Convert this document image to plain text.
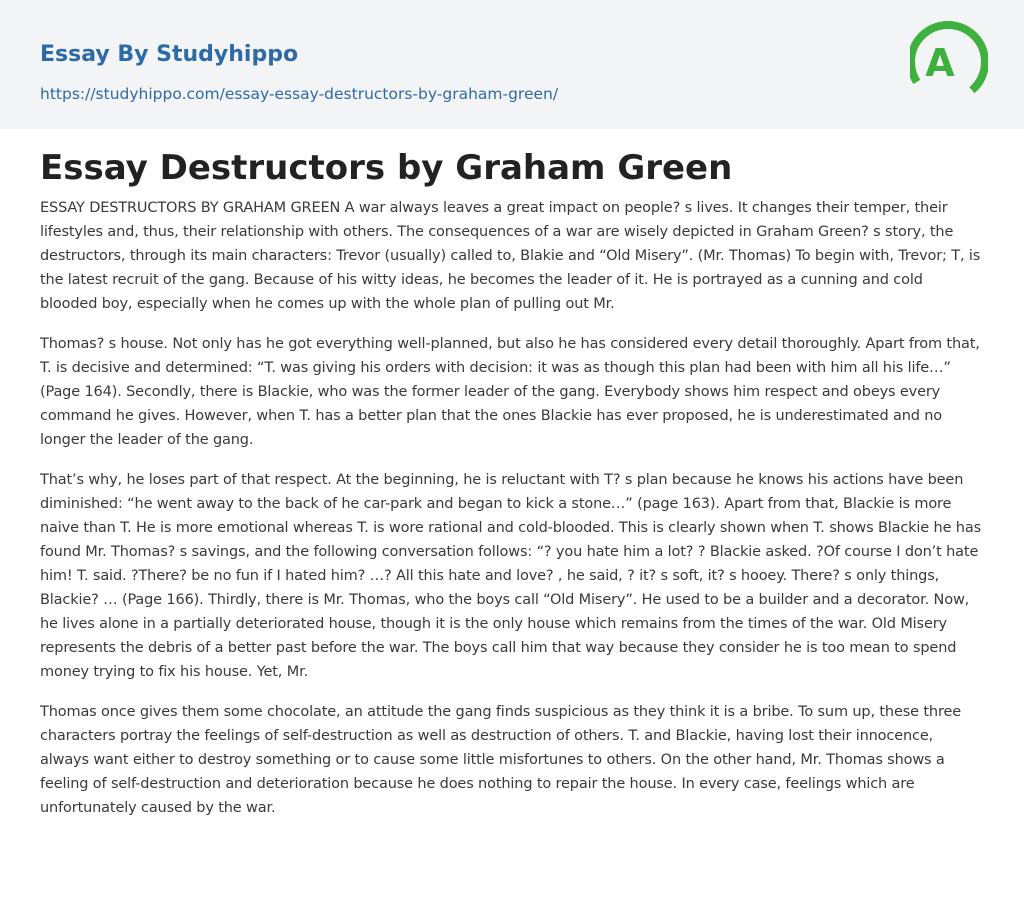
Essay By Studyhippo
https://studyhippo.com/essay-essay-destructors-by-graham-green/
A
Essay Destructors by Graham Green

ESSAY DESTRUCTORS BY GRAHAM GREEN A war always leaves a great impact on people? s lives. It changes their temper, their lifestyles and, thus, their relationship with others. The consequences of a war are wisely depicted in Graham Green? s story, the destructors, through its main characters: Trevor (usually) called to, Blakie and “Old Misery”. (Mr. Thomas) To begin with, Trevor; T, is the latest recruit of the gang. Because of his witty ideas, he becomes the leader of it. He is portrayed as a cunning and cold blooded boy, especially when he comes up with the whole plan of pulling out Mr.

Thomas? s house. Not only has he got everything well-planned, but also he has considered every detail thoroughly. Apart from that, T. is decisive and determined: “T. was giving his orders with decision: it was as though this plan had been with him all his life…” (Page 164). Secondly, there is Blackie, who was the former leader of the gang. Everybody shows him respect and obeys every command he gives. However, when T. has a better plan that the ones Blackie has ever proposed, he is underestimated and no longer the leader of the gang.

That’s why, he loses part of that respect. At the beginning, he is reluctant with T? s plan because he knows his actions have been diminished: “he went away to the back of he car-park and began to kick a stone…” (page 163). Apart from that, Blackie is more naive than T. He is more emotional whereas T. is wore rational and cold-blooded. This is clearly shown when T. shows Blackie he has found Mr. Thomas? s savings, and the following conversation follows: “? you hate him a lot? ? Blackie asked. ?Of course I don’t hate him! T. said. ?There? be no fun if I hated him? …? All this hate and love? , he said, ? it? s soft, it? s hooey. There? s only things, Blackie? … (Page 166). Thirdly, there is Mr. Thomas, who the boys call “Old Misery”. He used to be a builder and a decorator. Now, he lives alone in a partially deteriorated house, though it is the only house which remains from the times of the war. Old Misery represents the debris of a better past before the war. The boys call him that way because they consider he is too mean to spend money trying to fix his house. Yet, Mr.

Thomas once gives them some chocolate, an attitude the gang finds suspicious as they think it is a bribe. To sum up, these three characters portray the feelings of self-destruction as well as destruction of others. T. and Blackie, having lost their innocence, always want either to destroy something or to cause some little misfortunes to others. On the other hand, Mr. Thomas shows a feeling of self-destruction and deterioration because he does nothing to repair the house. In every case, feelings which are unfortunately caused by the war.
